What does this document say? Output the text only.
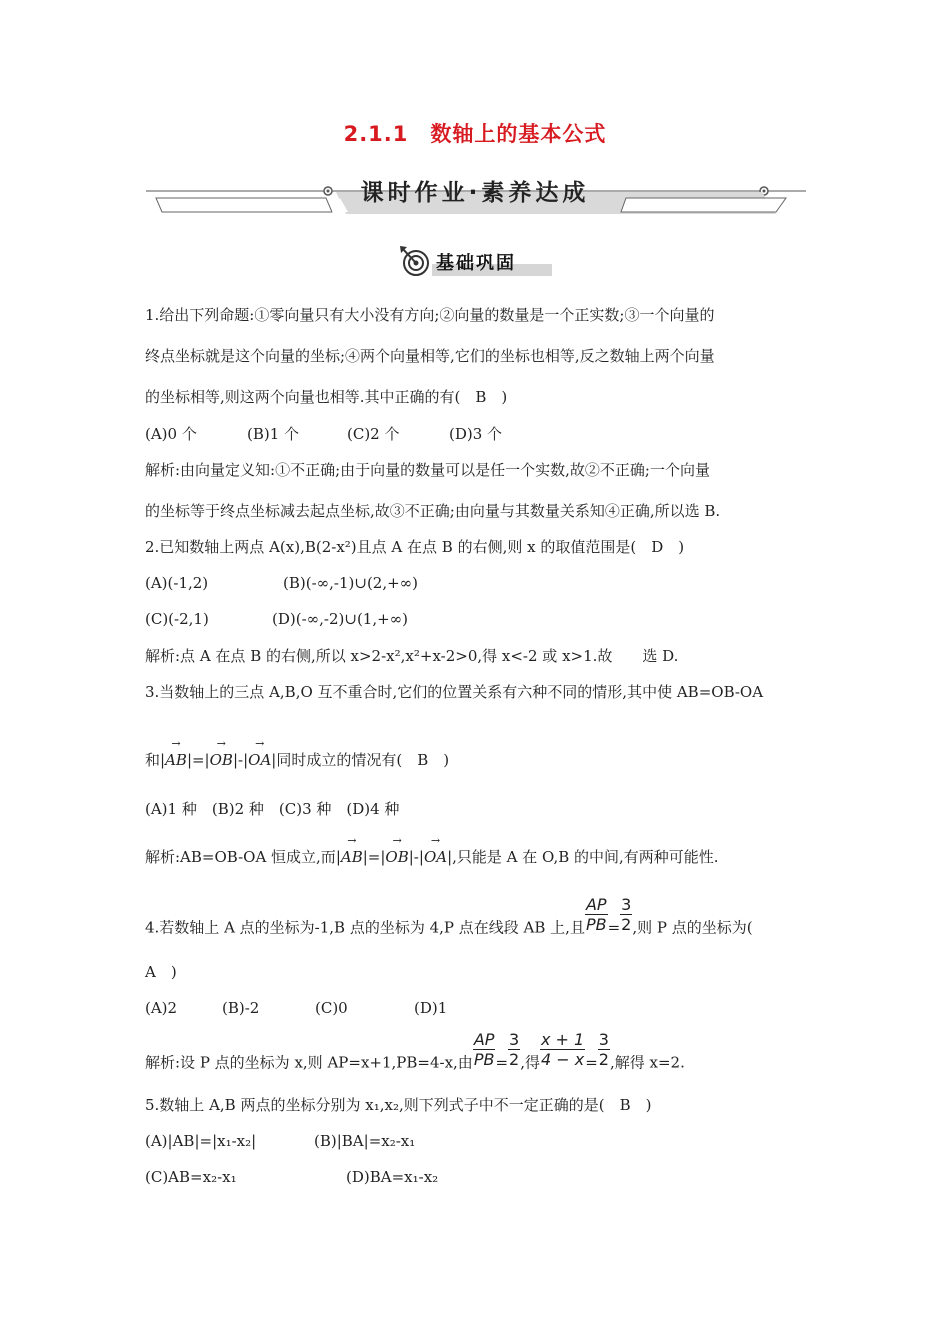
2.1.1　数轴上的基本公式
课时作业·素养达成
基础巩固
1.给出下列命题:①零向量只有大小没有方向;②向量的数量是一个正实数;③一个向量的
终点坐标就是这个向量的坐标;④两个向量相等,它们的坐标也相等,反之数轴上两个向量
的坐标相等,则这两个向量也相等.其中正确的有(　B　)
(A)0 个	(B)1 个	(C)2 个	(D)3 个
解析:由向量定义知:①不正确;由于向量的数量可以是任一个实数,故②不正确;一个向量
的坐标等于终点坐标减去起点坐标,故③不正确;由向量与其数量关系知④正确,所以选 B.
2.已知数轴上两点 A(x),B(2-x²)且点 A 在点 B 的右侧,则 x 的取值范围是(　D　)
(A)(-1,2)	(B)(-∞,-1)∪(2,+∞)
(C)(-2,1)	(D)(-∞,-2)∪(1,+∞)
解析:点 A 在点 B 的右侧,所以 x>2-x²,x²+x-2>0,得 x<-2 或 x>1.故　　选 D.
3.当数轴上的三点 A,B,O 互不重合时,它们的位置关系有六种不同的情形,其中使 AB=OB-OA
和|→ AB|=|→ OB|-|→ OA|同时成立的情况有(　B　)
(A)1 种　(B)2 种　(C)3 种　(D)4 种
解析:AB=OB-OA 恒成立,而|→ AB|=|→ OB|-|→ OA|,只能是 A 在 O,B 的中间,有两种可能性.
4.若数轴上 A 点的坐标为-1,B 点的坐标为 4,P 点在线段 AB 上,且 $\frac{AP}{PB} = \frac{3}{2}$ ,则 P 点的坐标为(
A　)
(A)2	(B)-2	(C)0	(D)1
解析:设 P 点的坐标为 x,则 AP=x+1,PB=4-x,由 $\frac{AP}{PB} = \frac{3}{2}$ ,得 $\frac{x + 1}{4 - x} = \frac{3}{2}$ ,解得 x=2.
5.数轴上 A,B 两点的坐标分别为 x₁,x₂,则下列式子中不一定正确的是(　B　)
(A)|AB|=|x₁-x₂|	(B)|BA|=x₂-x₁
(C)AB=x₂-x₁	(D)BA=x₁-x₂
